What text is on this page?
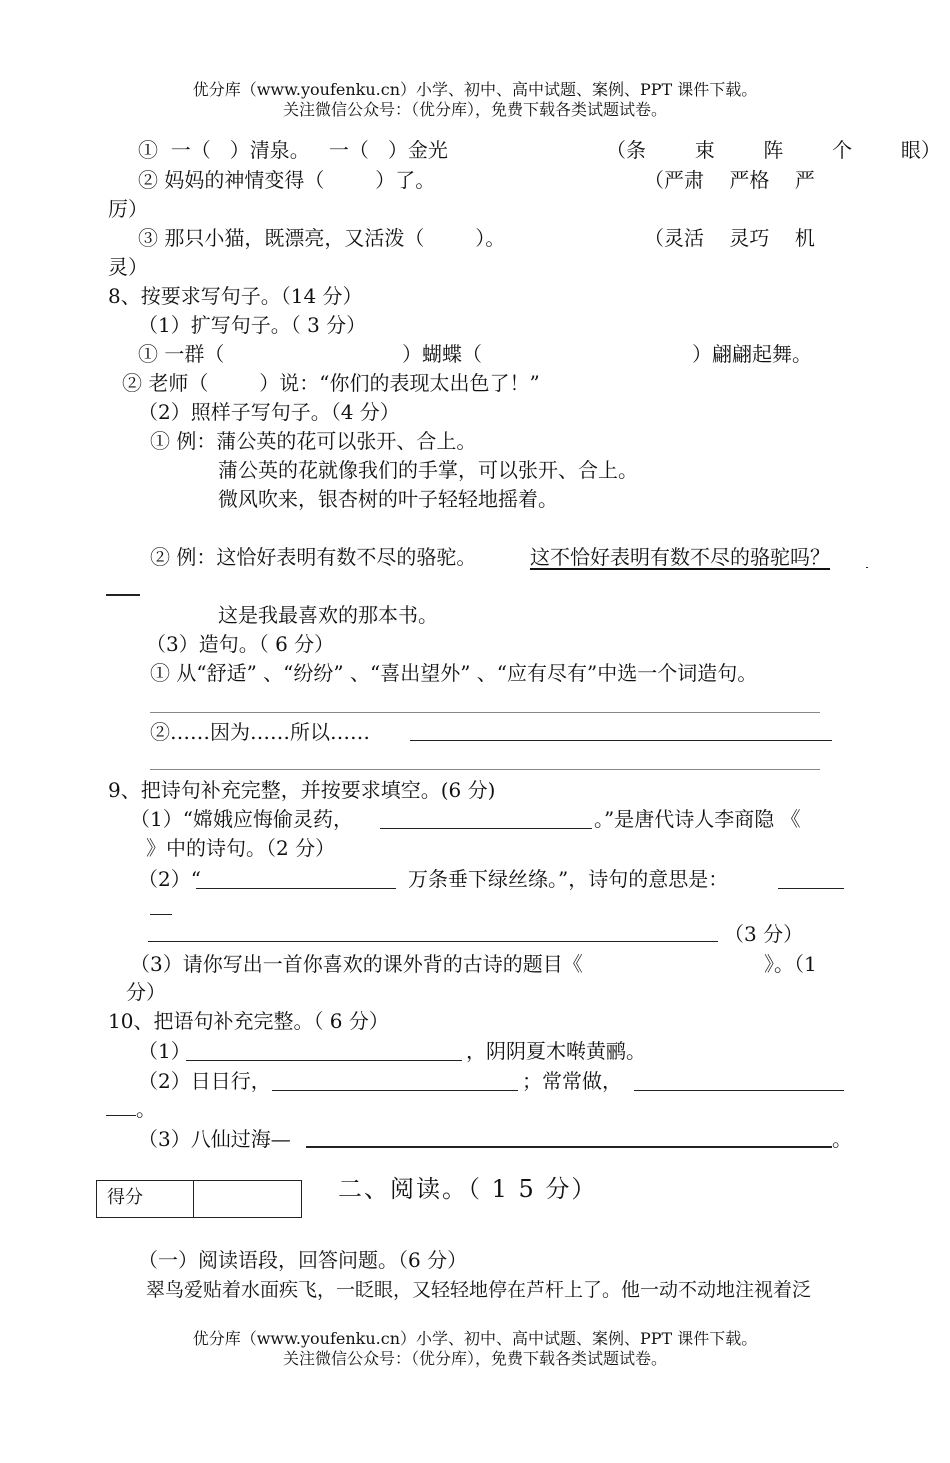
优分库（www.youfenku.cn）小学、初中、高中试题、案例、PPT 课件下载。
关注微信公众号：（优分库），免费下载各类试题试卷。
①  一（   ）清泉。   一（   ）金光	（条  束  阵  个  眼）
② 妈妈的神情变得（        ）了。	（严肃    严格    严
厉）
③ 那只小猫，既漂亮，又活泼（        ）。	（灵活    灵巧    机
灵）
8、按要求写句子。（14 分）
（1）扩写句子。（ 3 分）
① 一群（	）蝴蝶（	）翩翩起舞。
② 老师（        ）说：“你们的表现太出色了！”
（2）照样子写句子。（4 分）
① 例：蒲公英的花可以张开、合上。
蒲公英的花就像我们的手掌，可以张开、合上。
微风吹来，银杏树的叶子轻轻地摇着。
② 例：这恰好表明有数不尽的骆驼。	这不恰好表明有数不尽的骆驼吗？
这是我最喜欢的那本书。
（3）造句。（ 6 分）
① 从“舒适” 、“纷纷” 、“喜出望外” 、“应有尽有”中选一个词造句。
②……因为……所以……
9、把诗句补充完整，并按要求填空。(6 分)
（1）“嫦娥应悔偷灵药，	。”是唐代诗人李商隐 《
》中的诗句。（2 分）
（2）“	万条垂下绿丝绦。”，诗句的意思是：
（3 分）
（3）请你写出一首你喜欢的课外背的古诗的题目《	》。（1
分）
10、把语句补充完整。（ 6 分）
（1）	，阴阴夏木啭黄鹂。
（2）日日行，	；常常做，
。
（3）八仙过海—	。
得分	二、阅读。（ 1 5 分）
（一）阅读语段，回答问题。（6 分）
翠鸟爱贴着水面疾飞，一眨眼，又轻轻地停在芦杆上了。他一动不动地注视着泛
优分库（www.youfenku.cn）小学、初中、高中试题、案例、PPT 课件下载。
关注微信公众号：（优分库），免费下载各类试题试卷。
